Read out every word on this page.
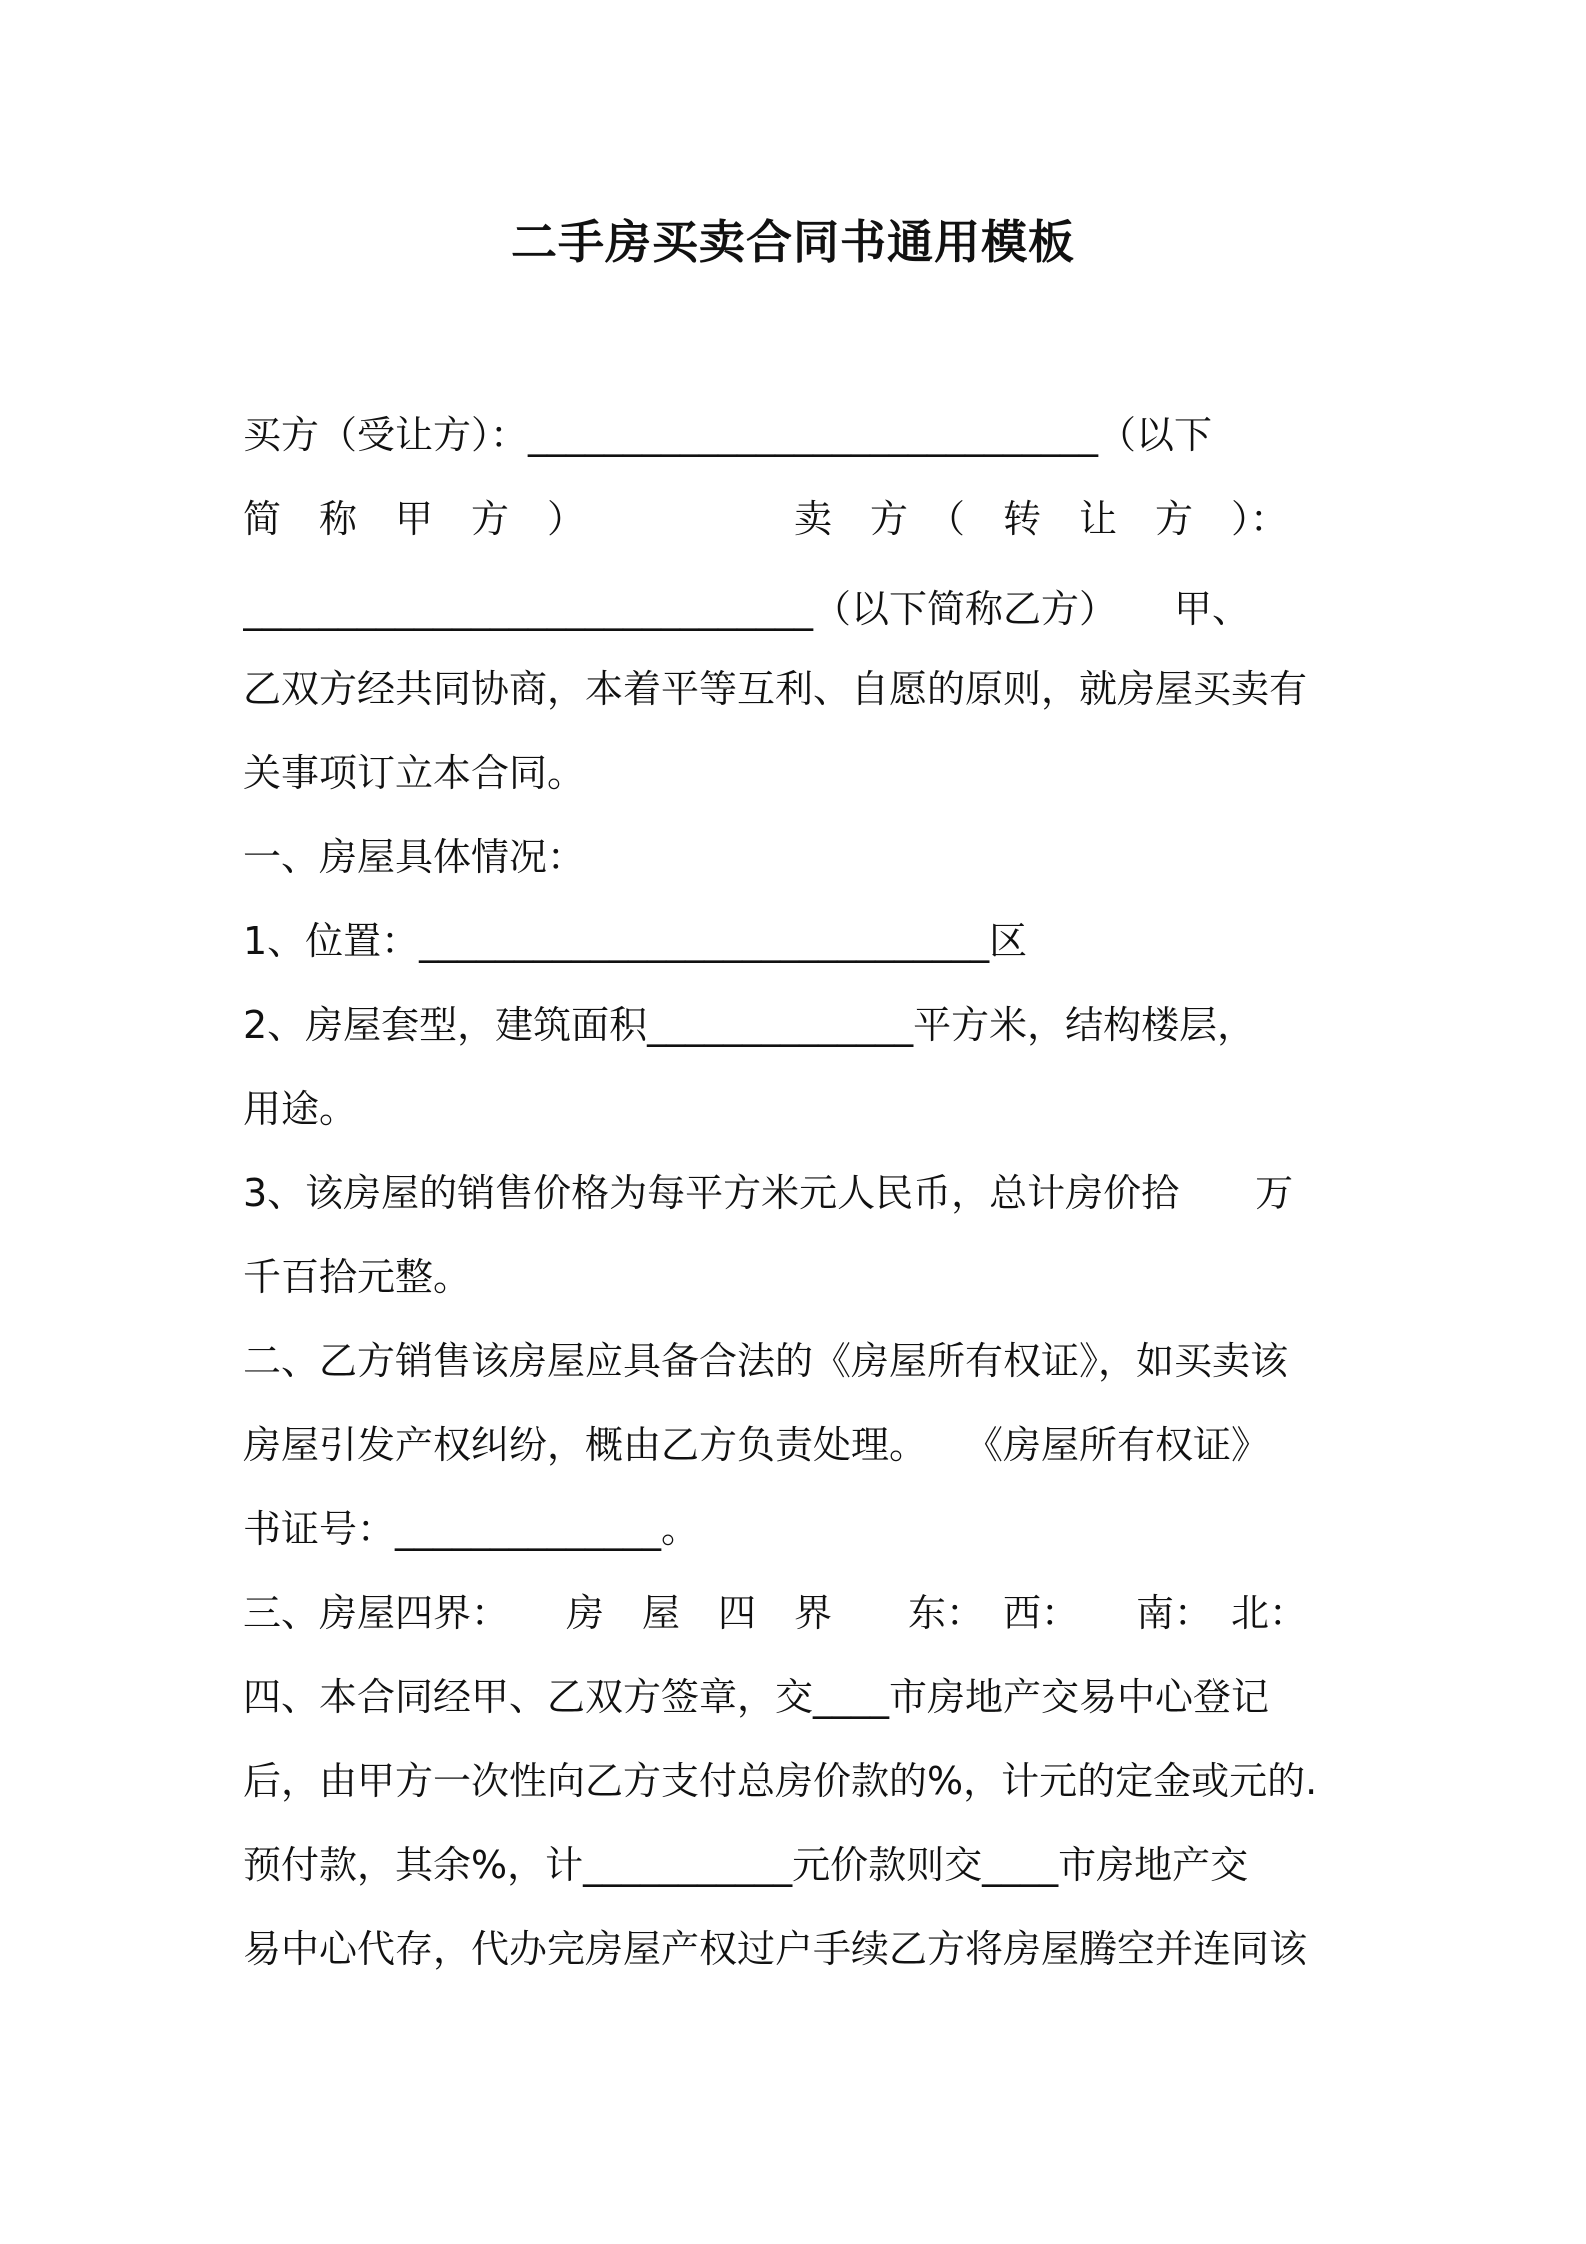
二手房买卖合同书通用模板
买方（受让方）：______________________________（以下
简　称　甲　方　）　　　　　　卖　方　（　转　让　方　）：
______________________________（以下简称乙方）　　甲、
乙双方经共同协商，本着平等互利、自愿的原则，就房屋买卖有
关事项订立本合同。
一、房屋具体情况：
1、位置：______________________________区
2、房屋套型，建筑面积______________平方米，结构楼层，
用途。
3、该房屋的销售价格为每平方米元人民币，总计房价拾　　万
千百拾元整。
二、乙方销售该房屋应具备合法的《房屋所有权证》，如买卖该
房屋引发产权纠纷，概由乙方负责处理。　　《房屋所有权证》
书证号：______________。
三、房屋四界：　　房　屋　四　界　　东：　西：　　南：　北：
四、本合同经甲、乙双方签章，交____市房地产交易中心登记
后，由甲方一次性向乙方支付总房价款的%，计元的定金或元的.
预付款，其余%，计___________元价款则交____市房地产交
易中心代存，代办完房屋产权过户手续乙方将房屋腾空并连同该
